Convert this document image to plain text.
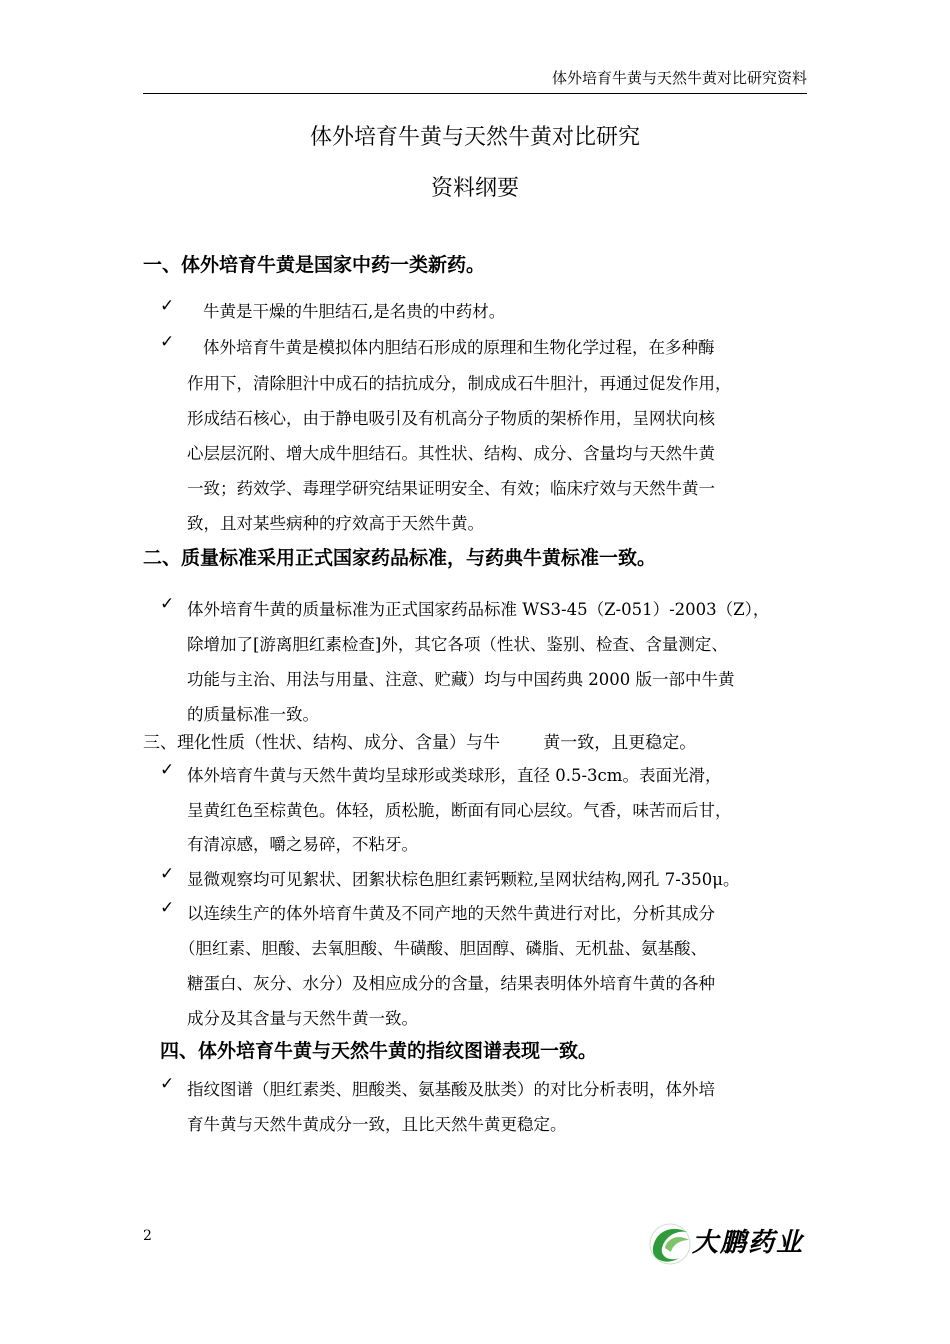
体外培育牛黄与天然牛黄对比研究资料
体外培育牛黄与天然牛黄对比研究
资料纲要
一、体外培育牛黄是国家中药一类新药。
✓ 牛黄是干燥的牛胆结石,是名贵的中药材。
✓ 体外培育牛黄是模拟体内胆结石形成的原理和生物化学过程，在多种酶
作用下，清除胆汁中成石的拮抗成分，制成成石牛胆汁，再通过促发作用，
形成结石核心，由于静电吸引及有机高分子物质的架桥作用，呈网状向核
心层层沉附、增大成牛胆结石。其性状、结构、成分、含量均与天然牛黄
一致；药效学、毒理学研究结果证明安全、有效；临床疗效与天然牛黄一
致，且对某些病种的疗效高于天然牛黄。
二、质量标准采用正式国家药品标准，与药典牛黄标准一致。
✓ 体外培育牛黄的质量标准为正式国家药品标准 WS3-45（Z-051）-2003（Z），
除增加了[游离胆红素检查]外，其它各项（性状、鉴别、检查、含量测定、
功能与主治、用法与用量、注意、贮藏）均与中国药典 2000 版一部中牛黄
的质量标准一致。
三、理化性质（性状、结构、成分、含量）与牛        黄一致，且更稳定。
✓ 体外培育牛黄与天然牛黄均呈球形或类球形，直径 0.5-3cm。表面光滑，
呈黄红色至棕黄色。体轻，质松脆，断面有同心层纹。气香，味苦而后甘，
有清凉感，嚼之易碎，不粘牙。
✓ 显微观察均可见絮状、团絮状棕色胆红素钙颗粒,呈网状结构,网孔 7-350μ。
✓ 以连续生产的体外培育牛黄及不同产地的天然牛黄进行对比，分析其成分
（胆红素、胆酸、去氧胆酸、牛磺酸、胆固醇、磷脂、无机盐、氨基酸、
糖蛋白、灰分、水分）及相应成分的含量，结果表明体外培育牛黄的各种
成分及其含量与天然牛黄一致。
四、体外培育牛黄与天然牛黄的指纹图谱表现一致。
✓ 指纹图谱（胆红素类、胆酸类、氨基酸及肽类）的对比分析表明，体外培
育牛黄与天然牛黄成分一致，且比天然牛黄更稳定。
2	大鹏药业
